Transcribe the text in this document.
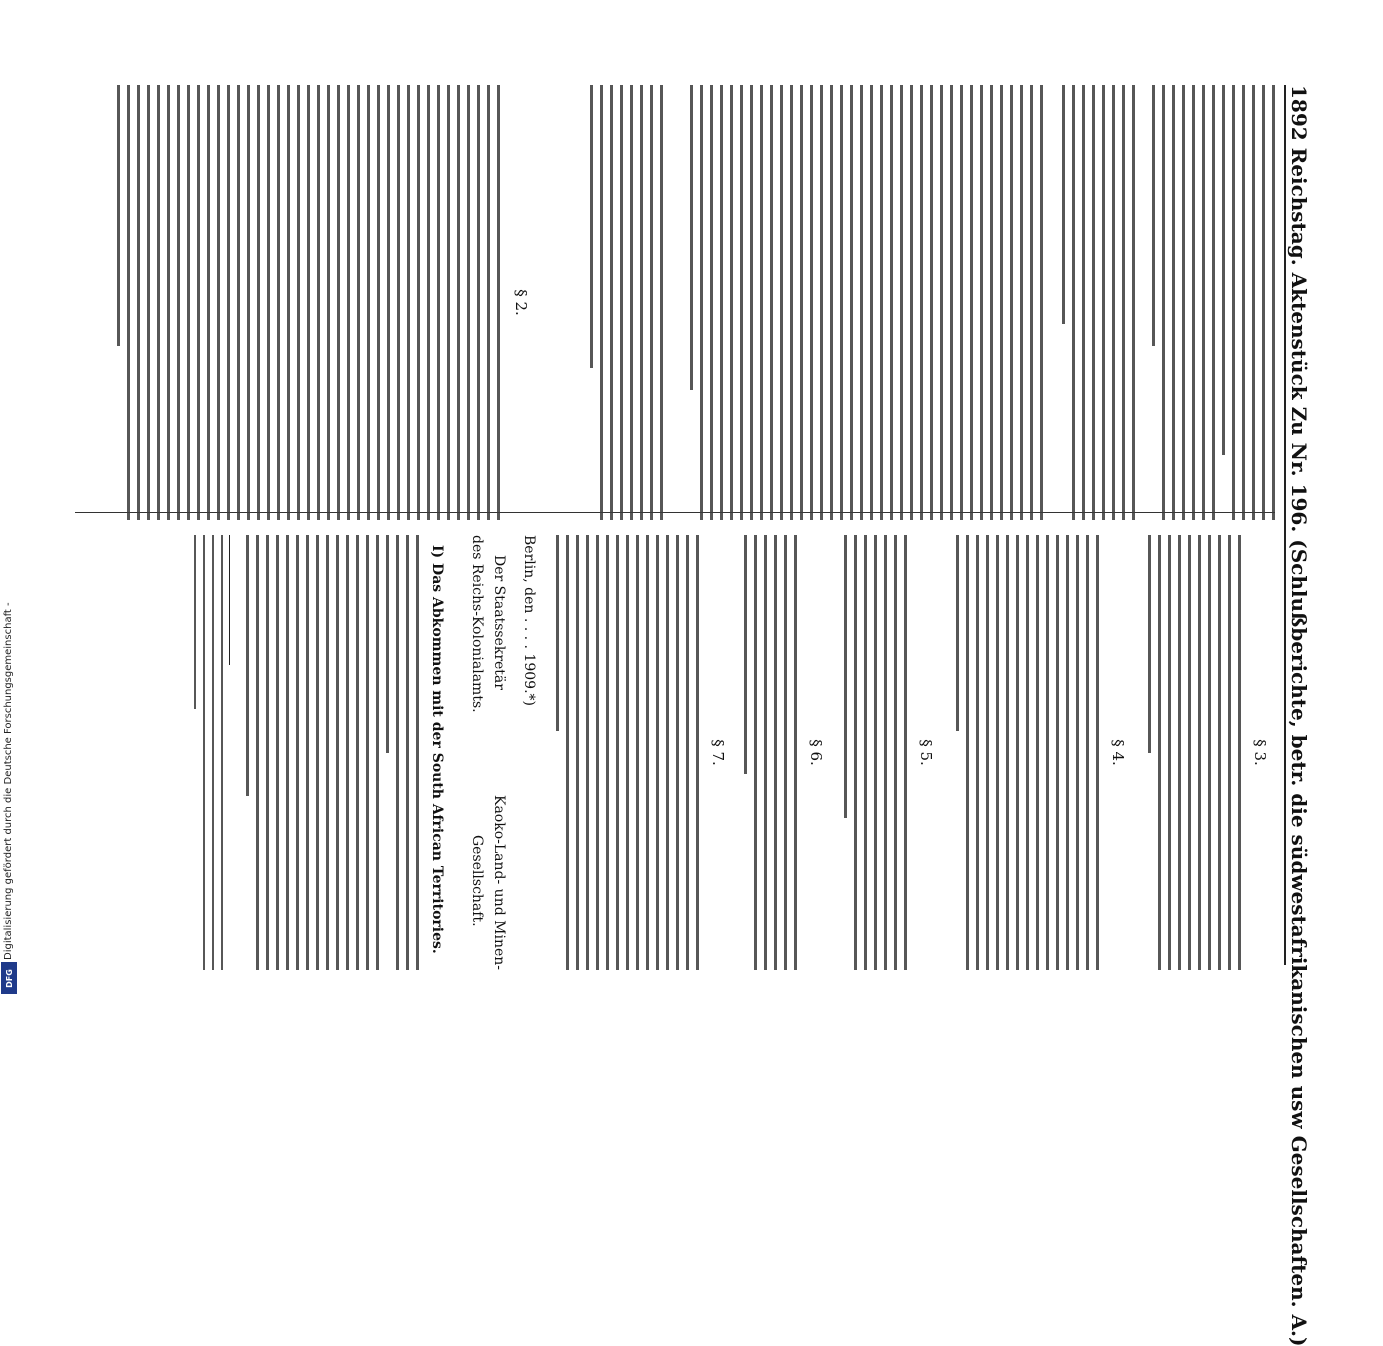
1892 Reichstag. Aktenstück Zu Nr. 196. (Schlußberichte, betr. die südwestafrikanischen usw Gesellschaften. A.)
§ 2.
§ 3.
§ 4.
§ 5.
§ 6.
§ 7.
Berlin, den . . . . 1909.*)
Der Staatssekretär
des Reichs-Kolonialamts.
Kaoko-Land- und Minen-
Gesellschaft.
I) Das Abkommen mit der South African Territories.
Digitalisierung gefördert durch die Deutsche Forschungsgemeinschaft -
DFG
